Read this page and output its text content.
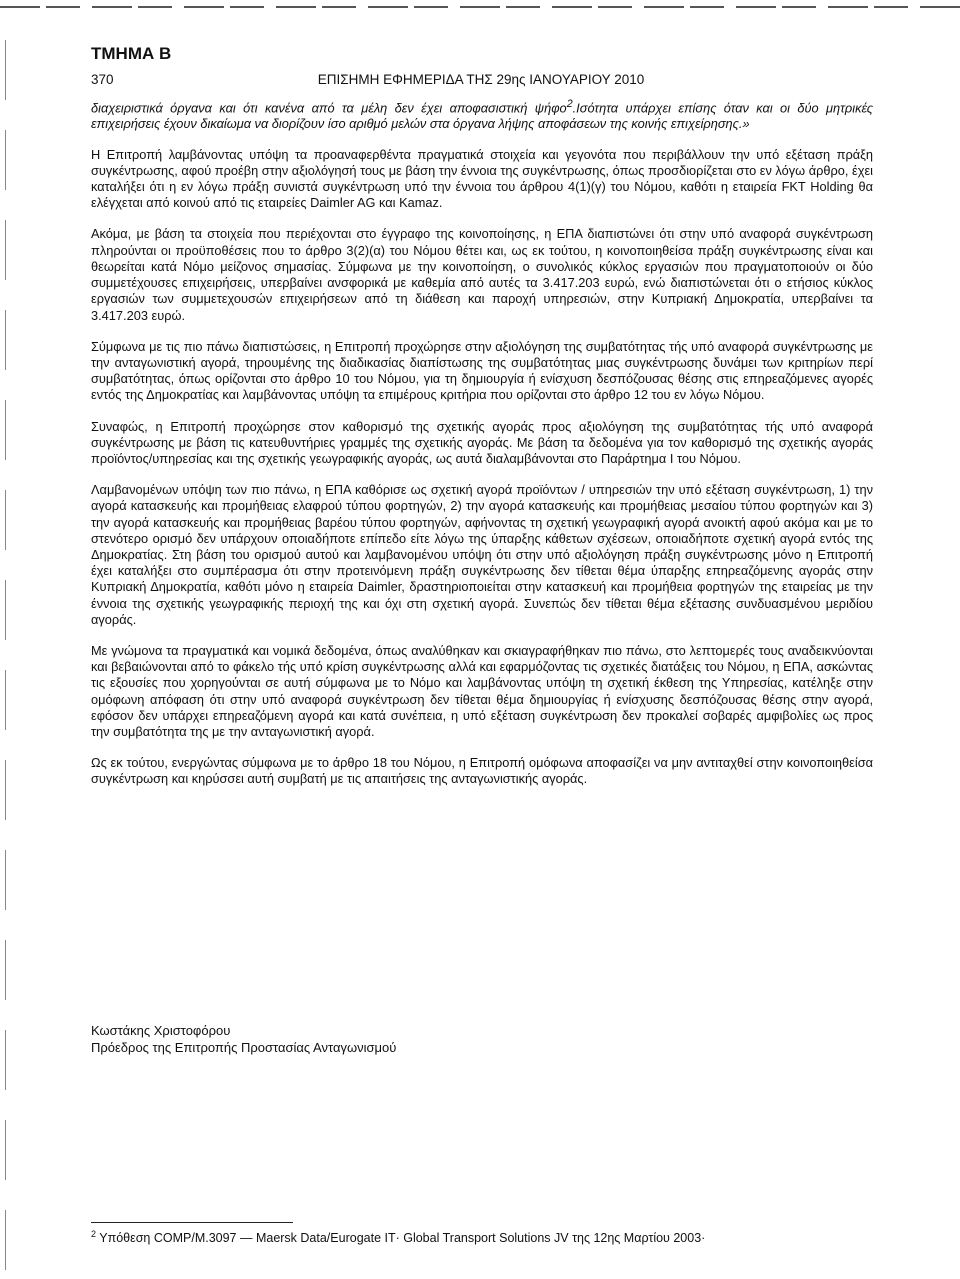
ΤΜΗΜΑ Β
370	ΕΠΙΣΗΜΗ ΕΦΗΜΕΡΙΔΑ ΤΗΣ 29ης ΙΑΝΟΥΑΡΙΟΥ 2010

διαχειριστικά όργανα και ότι κανένα από τα μέλη δεν έχει αποφασιστική ψήφο$^2$.Ισότητα υπάρχει επίσης όταν και οι δύο μητρικές επιχειρήσεις έχουν δικαίωμα να διορίζουν ίσο αριθμό μελών στα όργανα λήψης αποφάσεων της κοινής επιχείρησης.»

Η Επιτροπή λαμβάνοντας υπόψη τα προαναφερθέντα πραγματικά στοιχεία και γεγονότα που περιβάλλουν την υπό εξέταση πράξη συγκέντρωσης, αφού προέβη στην αξιολόγησή τους με βάση την έννοια της συγκέντρωσης, όπως προσδιορίζεται στο εν λόγω άρθρο, έχει καταλήξει ότι η εν λόγω πράξη συνιστά συγκέντρωση υπό την έννοια του άρθρου 4(1)(γ) του Νόμου, καθότι η εταιρεία FKT Holding θα ελέγχεται από κοινού από τις εταιρείες Daimler AG και Kamaz.

Ακόμα, με βάση τα στοιχεία που περιέχονται στο έγγραφο της κοινοποίησης, η ΕΠΑ διαπιστώνει ότι στην υπό αναφορά συγκέντρωση πληρούνται οι προϋποθέσεις που το άρθρο 3(2)(α) του Νόμου θέτει και, ως εκ τούτου, η κοινοποιηθείσα πράξη συγκέντρωσης είναι και θεωρείται κατά Νόμο μείζονος σημασίας. Σύμφωνα με την κοινοποίηση, ο συνολικός κύκλος εργασιών που πραγματοποιούν οι δύο συμμετέχουσες επιχειρήσεις, υπερβαίνει ανσφορικά με καθεμία από αυτές τα 3.417.203 ευρώ, ενώ διαπιστώνεται ότι ο ετήσιος κύκλος εργασιών των συμμετεχουσών επιχειρήσεων από τη διάθεση και παροχή υπηρεσιών, στην Κυπριακή Δημοκρατία, υπερβαίνει τα 3.417.203 ευρώ.

Σύμφωνα με τις πιο πάνω διαπιστώσεις, η Επιτροπή προχώρησε στην αξιολόγηση της συμβατότητας τής υπό αναφορά συγκέντρωσης με την ανταγωνιστική αγορά, τηρουμένης της διαδικασίας διαπίστωσης της συμβατότητας μιας συγκέντρωσης δυνάμει των κριτηρίων περί συμβατότητας, όπως ορίζονται στο άρθρο 10 του Νόμου, για τη δημιουργία ή ενίσχυση δεσπόζουσας θέσης στις επηρεαζόμενες αγορές εντός της Δημοκρατίας και λαμβάνοντας υπόψη τα επιμέρους κριτήρια που ορίζονται στο άρθρο 12 του εν λόγω Νόμου.

Συναφώς, η Επιτροπή προχώρησε στον καθορισμό της σχετικής αγοράς προς αξιολόγηση της συμβατότητας τής υπό αναφορά συγκέντρωσης με βάση τις κατευθυντήριες γραμμές της σχετικής αγοράς. Με βάση τα δεδομένα για τον καθορισμό της σχετικής αγοράς προϊόντος/υπηρεσίας και της σχετικής γεωγραφικής αγοράς, ως αυτά διαλαμβάνονται στο Παράρτημα Ι του Νόμου.

Λαμβανομένων υπόψη των πιο πάνω, η ΕΠΑ καθόρισε ως σχετική αγορά προϊόντων / υπηρεσιών την υπό εξέταση συγκέντρωση, 1) την αγορά κατασκευής και προμήθειας ελαφρού τύπου φορτηγών, 2) την αγορά κατασκευής και προμήθειας μεσαίου τύπου φορτηγών και 3) την αγορά κατασκευής και προμήθειας βαρέου τύπου φορτηγών, αφήνοντας τη σχετική γεωγραφική αγορά ανοικτή αφού ακόμα και με το στενότερο ορισμό δεν υπάρχουν οποιαδήποτε επίπεδο είτε λόγω της ύπαρξης κάθετων σχέσεων, οποιαδήποτε σχετική αγορά εντός της Δημοκρατίας. Στη βάση του ορισμού αυτού και λαμβανομένου υπόψη ότι στην υπό αξιολόγηση πράξη συγκέντρωσης μόνο η Επιτροπή έχει καταλήξει στο συμπέρασμα ότι στην προτεινόμενη πράξη συγκέντρωσης δεν τίθεται θέμα ύπαρξης επηρεαζόμενης αγοράς στην Κυπριακή Δημοκρατία, καθότι μόνο η εταιρεία Daimler, δραστηριοποιείται στην κατασκευή και προμήθεια φορτηγών της εταιρείας με την έννοια της σχετικής γεωγραφικής περιοχή της και όχι στη σχετική αγορά. Συνεπώς δεν τίθεται θέμα εξέτασης συνδυασμένου μεριδίου αγοράς.

Με γνώμονα τα πραγματικά και νομικά δεδομένα, όπως αναλύθηκαν και σκιαγραφήθηκαν πιο πάνω, στο λεπτομερές τους αναδεικνύονται και βεβαιώνονται από το φάκελο τής υπό κρίση συγκέντρωσης αλλά και εφαρμόζοντας τις σχετικές διατάξεις του Νόμου, η ΕΠΑ, ασκώντας τις εξουσίες που χορηγούνται σε αυτή σύμφωνα με το Νόμο και λαμβάνοντας υπόψη τη σχετική έκθεση της Υπηρεσίας, κατέληξε στην ομόφωνη απόφαση ότι στην υπό αναφορά συγκέντρωση δεν τίθεται θέμα δημιουργίας ή ενίσχυσης δεσπόζουσας θέσης στην αγορά, εφόσον δεν υπάρχει επηρεαζόμενη αγορά και κατά συνέπεια, η υπό εξέταση συγκέντρωση δεν προκαλεί σοβαρές αμφιβολίες ως προς την συμβατότητα της με την ανταγωνιστική αγορά.

Ως εκ τούτου, ενεργώντας σύμφωνα με το άρθρο 18 του Νόμου, η Επιτροπή ομόφωνα αποφασίζει να μην αντιταχθεί στην κοινοποιηθείσα συγκέντρωση και κηρύσσει αυτή συμβατή με τις απαιτήσεις της ανταγωνιστικής αγοράς.

Κωστάκης Χριστοφόρου
Πρόεδρος της Επιτροπής Προστασίας Ανταγωνισμού
$^2$ Υπόθεση COMP/M.3097 — Maersk Data/Eurogate IT· Global Transport Solutions JV της 12ης Μαρτίου 2003·
